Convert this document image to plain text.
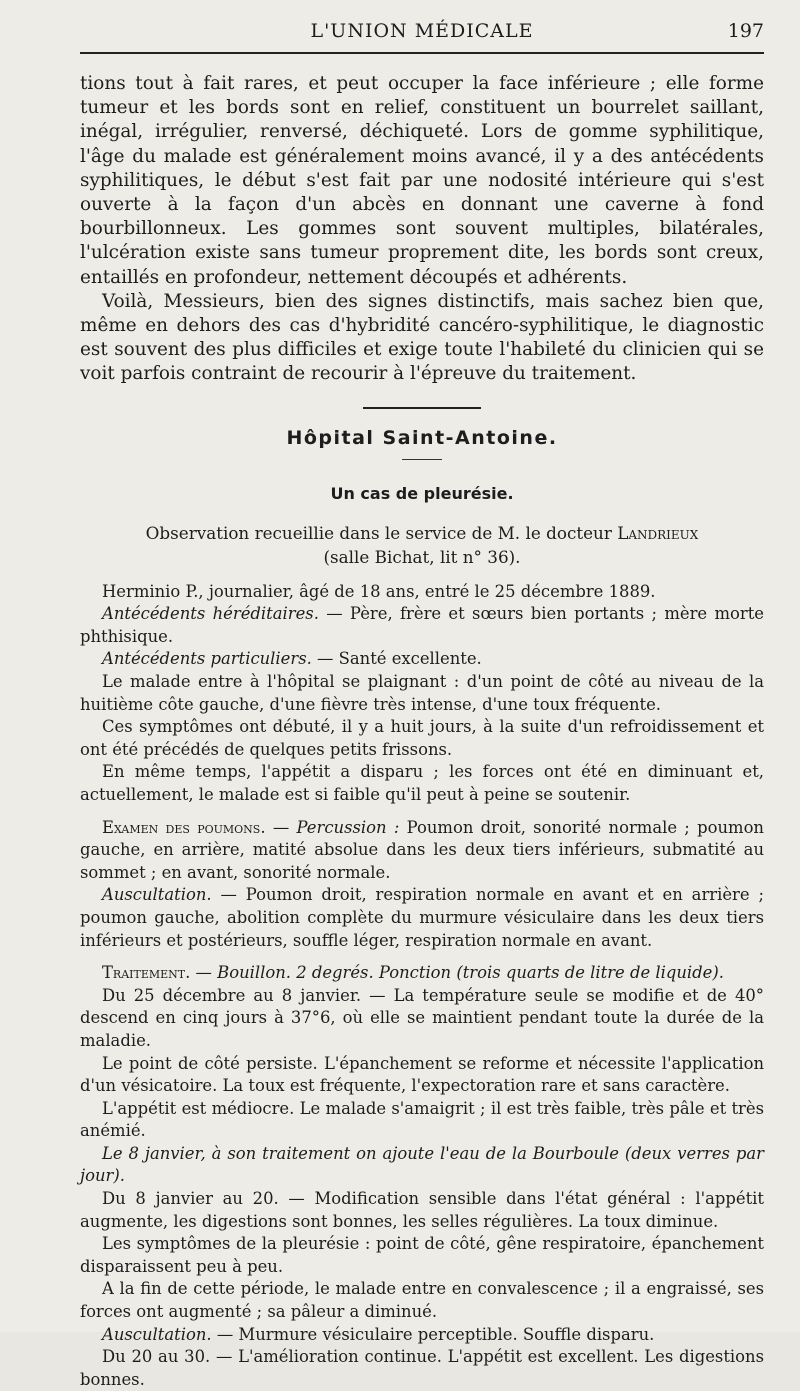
L'UNION MÉDICALE	197

tions tout à fait rares, et peut occuper la face inférieure ; elle forme tumeur et les bords sont en relief, constituent un bourrelet saillant, inégal, irrégulier, renversé, déchiqueté. Lors de gomme syphilitique, l'âge du malade est généralement moins avancé, il y a des antécédents syphilitiques, le début s'est fait par une nodosité intérieure qui s'est ouverte à la façon d'un abcès en donnant une caverne à fond bourbillonneux. Les gommes sont souvent multiples, bilatérales, l'ulcération existe sans tumeur proprement dite, les bords sont creux, entaillés en profondeur, nettement découpés et adhérents.

Voilà, Messieurs, bien des signes distinctifs, mais sachez bien que, même en dehors des cas d'hybridité cancéro-syphilitique, le diagnostic est souvent des plus difficiles et exige toute l'habileté du clinicien qui se voit parfois contraint de recourir à l'épreuve du traitement.

Hôpital Saint-Antoine.
Un cas de pleurésie.
Observation recueillie dans le service de M. le docteur Landrieux
(salle Bichat, lit n° 36).

Herminio P., journalier, âgé de 18 ans, entré le 25 décembre 1889.

Antécédents héréditaires. — Père, frère et sœurs bien portants ; mère morte phthisique.

Antécédents particuliers. — Santé excellente.

Le malade entre à l'hôpital se plaignant : d'un point de côté au niveau de la huitième côte gauche, d'une fièvre très intense, d'une toux fréquente.

Ces symptômes ont débuté, il y a huit jours, à la suite d'un refroidissement et ont été précédés de quelques petits frissons.

En même temps, l'appétit a disparu ; les forces ont été en diminuant et, actuellement, le malade est si faible qu'il peut à peine se soutenir.

Examen des poumons. — Percussion : Poumon droit, sonorité normale ; poumon gauche, en arrière, matité absolue dans les deux tiers inférieurs, submatité au sommet ; en avant, sonorité normale.

Auscultation. — Poumon droit, respiration normale en avant et en arrière ; poumon gauche, abolition complète du murmure vésiculaire dans les deux tiers inférieurs et postérieurs, souffle léger, respiration normale en avant.

Traitement. — Bouillon. 2 degrés. Ponction (trois quarts de litre de liquide).

Du 25 décembre au 8 janvier. — La température seule se modifie et de 40° descend en cinq jours à 37°6, où elle se maintient pendant toute la durée de la maladie.

Le point de côté persiste. L'épanchement se reforme et nécessite l'application d'un vésicatoire. La toux est fréquente, l'expectoration rare et sans caractère.

L'appétit est médiocre. Le malade s'amaigrit ; il est très faible, très pâle et très anémié.

Le 8 janvier, à son traitement on ajoute l'eau de la Bourboule (deux verres par jour).

Du 8 janvier au 20. — Modification sensible dans l'état général : l'appétit augmente, les digestions sont bonnes, les selles régulières. La toux diminue.

Les symptômes de la pleurésie : point de côté, gêne respiratoire, épanchement disparaissent peu à peu.

A la fin de cette période, le malade entre en convalescence ; il a engraissé, ses forces ont augmenté ; sa pâleur a diminué.

Auscultation. — Murmure vésiculaire perceptible. Souffle disparu.

Du 20 au 30. — L'amélioration continue. L'appétit est excellent. Les digestions bonnes.
